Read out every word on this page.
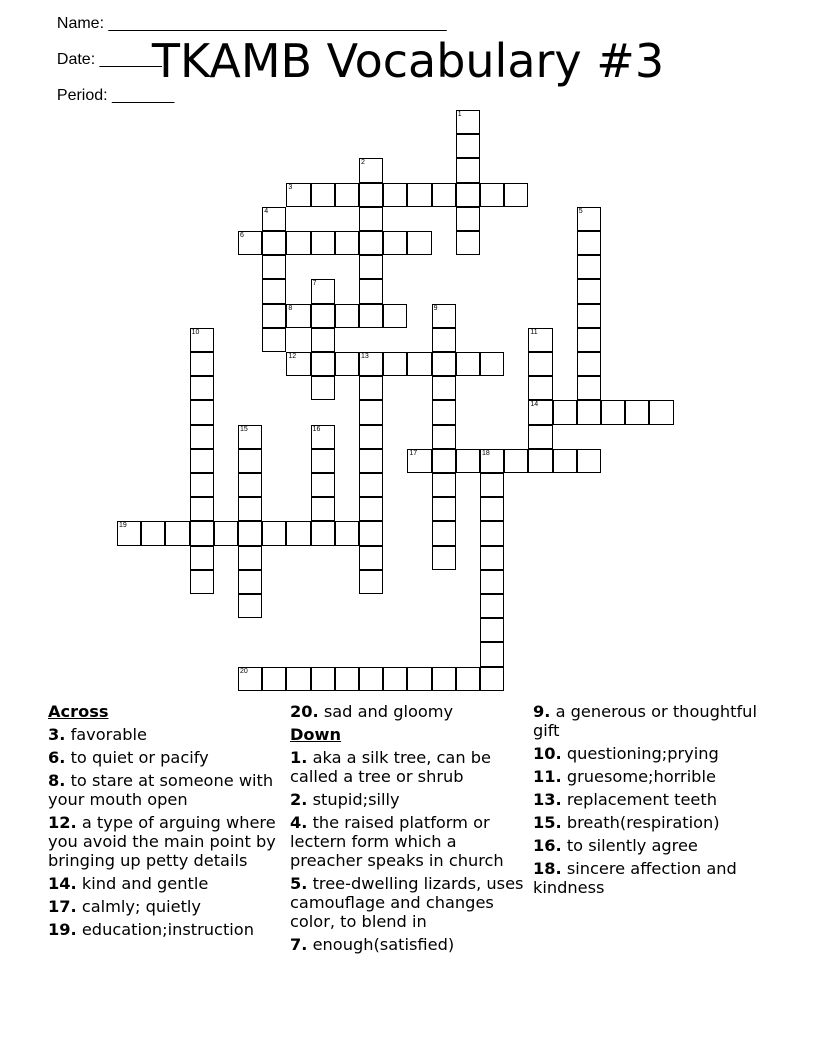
Name: ______________________________________

Date: _______

Period: _______

TKAMB Vocabulary #3
1
2
3
4	5
6
7
8	9
10	11
14
12	13
15	16
17	18
19
20
Across
3. favorable
6. to quiet or pacify
8. to stare at someone with your mouth open
12. a type of arguing where you avoid the main point by bringing up petty details
14. kind and gentle
17. calmly; quietly
19. education;instruction
20. sad and gloomy
Down
1. aka a silk tree, can be called a tree or shrub
2. stupid;silly
4. the raised platform or lectern form which a preacher speaks in church
5. tree-dwelling lizards, uses camouflage and changes color, to blend in
7. enough(satisfied)
9. a generous or thoughtful gift
10. questioning;prying
11. gruesome;horrible
13. replacement teeth
15. breath(respiration)
16. to silently agree
18. sincere affection and kindness
